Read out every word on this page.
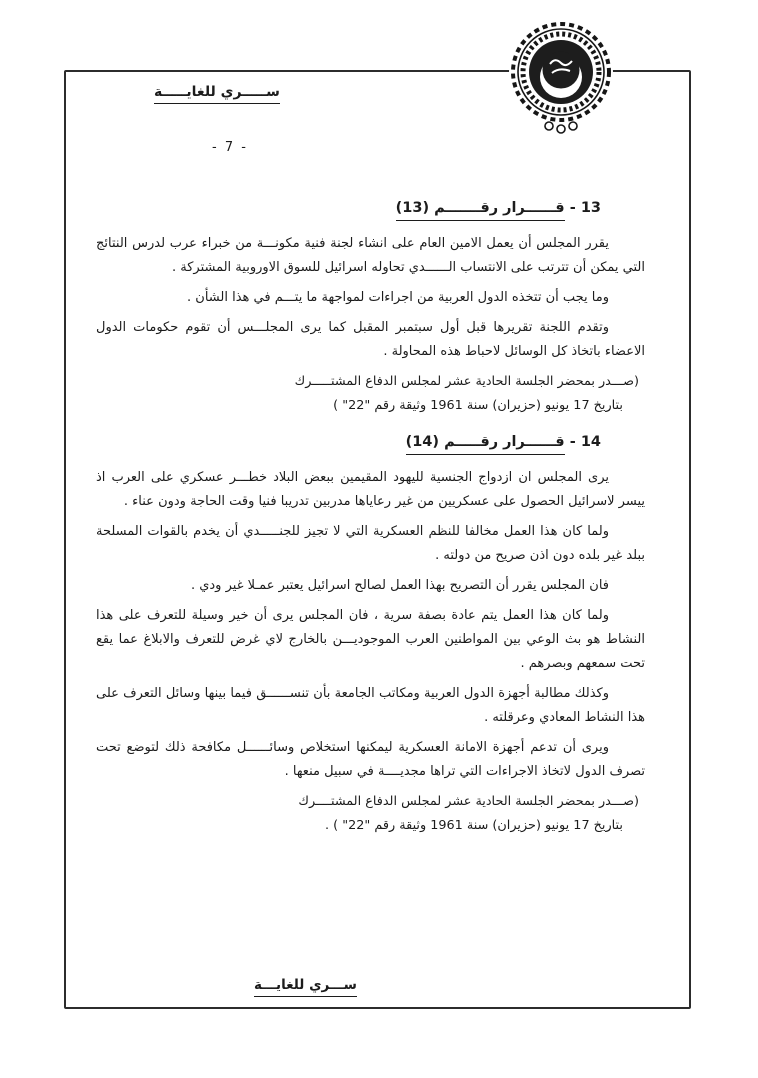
ســـــري للغايـــــة
- 7 -
13 - قــــــرار رقـــــــم (13)

يقرر المجلس أن يعمل الامين العام على انشاء لجنة فنية مكونـــة من خبراء عرب لدرس النتائج التي يمكن أن تترتب على الانتساب الــــــدي تحاوله اسرائيل للسوق الاوروبية المشتركة .

وما يجب أن تتخذه الدول العربية من اجراءات لمواجهة ما يتـــم في هذا الشأن .

وتقدم اللجنة تقريرها قبل أول سبتمبر المقبل كما يرى المجلـــس أن تقوم حكومات الدول الاعضاء باتخاذ كل الوسائل لاحباط هذه المحاولة .

(صـــدر بمحضر الجلسة الحادية عشر لمجلس الدفاع المشتـــــرك
بتاريخ 17 يونيو (حزيران) سنة 1961 وثيقة رقم "22" )
14 - قــــــرار رقـــــم (14)

يرى المجلس ان ازدواج الجنسية لليهود المقيمين ببعض البلاد خطـــر عسكري على العرب اذ ييسر لاسرائيل الحصول على عسكريين من غير رعاياها مدربين تدريبا فنيا وقت الحاجة ودون عناء .

ولما كان هذا العمل مخالفا للنظم العسكرية التي لا تجيز للجنـــــدي أن يخدم بالقوات المسلحة ببلد غير بلده دون اذن صريح من دولته .

فان المجلس يقرر أن التصريح بهذا العمل لصالح اسرائيل يعتبر عمـلا غير ودي .

ولما كان هذا العمل يتم عادة بصفة سرية ، فان المجلس يرى أن خير وسيلة للتعرف على هذا النشاط هو بث الوعي بين المواطنين العرب الموجوديـــن بالخارج لاي غرض للتعرف والابلاغ عما يقع تحت سمعهم وبصرهم .

وكذلك مطالبة أجهزة الدول العربية ومكاتب الجامعة بأن تنســــــق فيما بينها وسائل التعرف على هذا النشاط المعادي وعرقلته .

ويرى أن تدعم أجهزة الامانة العسكرية ليمكنها استخلاص وسائــــــل مكافحة ذلك لتوضع تحت تصرف الدول لاتخاذ الاجراءات التي تراها مجديــــة في سبيل منعها .

(صـــدر بمحضر الجلسة الحادية عشر لمجلس الدفاع المشتــــرك
بتاريخ 17 يونيو (حزيران) سنة 1961 وثيقة رقم "22" ) .
ســـري للغايـــة
